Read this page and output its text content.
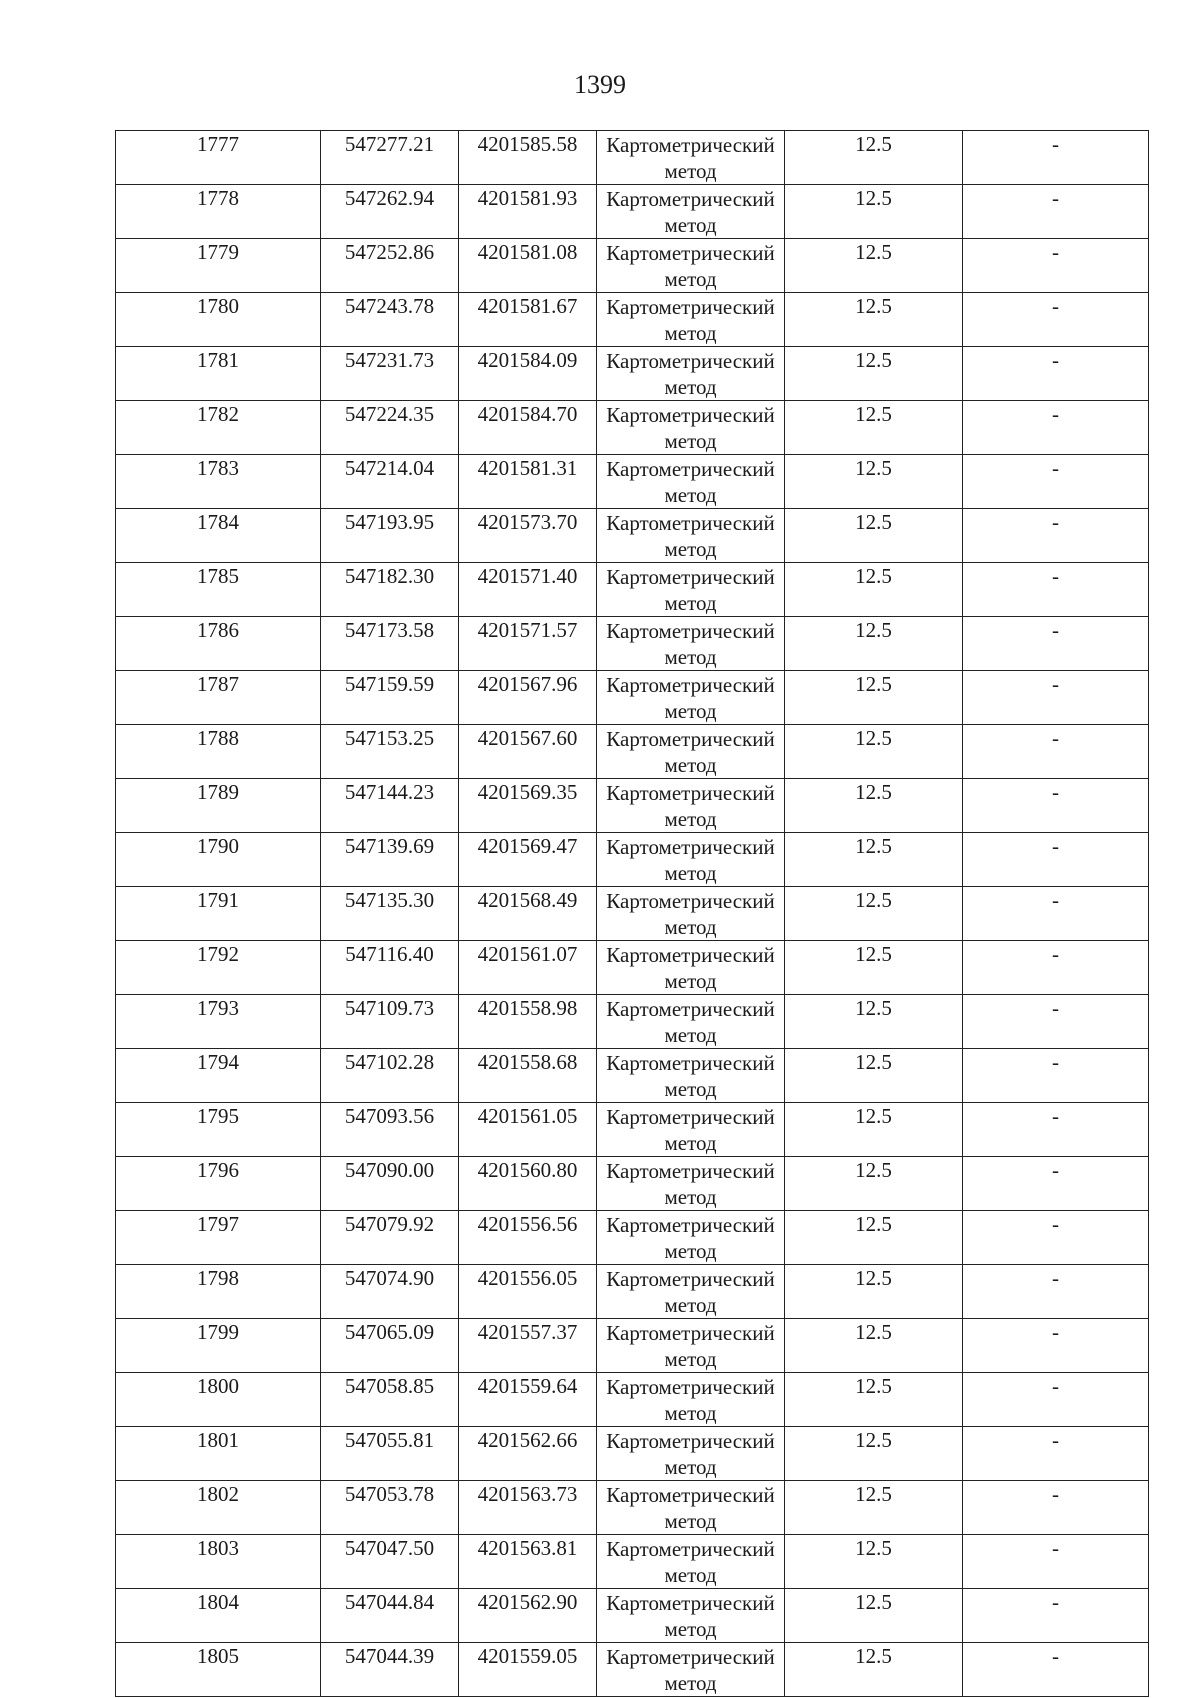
1399
1777	547277.21	4201585.58	Картометрический метод	12.5	-
1778	547262.94	4201581.93	Картометрический метод	12.5	-
1779	547252.86	4201581.08	Картометрический метод	12.5	-
1780	547243.78	4201581.67	Картометрический метод	12.5	-
1781	547231.73	4201584.09	Картометрический метод	12.5	-
1782	547224.35	4201584.70	Картометрический метод	12.5	-
1783	547214.04	4201581.31	Картометрический метод	12.5	-
1784	547193.95	4201573.70	Картометрический метод	12.5	-
1785	547182.30	4201571.40	Картометрический метод	12.5	-
1786	547173.58	4201571.57	Картометрический метод	12.5	-
1787	547159.59	4201567.96	Картометрический метод	12.5	-
1788	547153.25	4201567.60	Картометрический метод	12.5	-
1789	547144.23	4201569.35	Картометрический метод	12.5	-
1790	547139.69	4201569.47	Картометрический метод	12.5	-
1791	547135.30	4201568.49	Картометрический метод	12.5	-
1792	547116.40	4201561.07	Картометрический метод	12.5	-
1793	547109.73	4201558.98	Картометрический метод	12.5	-
1794	547102.28	4201558.68	Картометрический метод	12.5	-
1795	547093.56	4201561.05	Картометрический метод	12.5	-
1796	547090.00	4201560.80	Картометрический метод	12.5	-
1797	547079.92	4201556.56	Картометрический метод	12.5	-
1798	547074.90	4201556.05	Картометрический метод	12.5	-
1799	547065.09	4201557.37	Картометрический метод	12.5	-
1800	547058.85	4201559.64	Картометрический метод	12.5	-
1801	547055.81	4201562.66	Картометрический метод	12.5	-
1802	547053.78	4201563.73	Картометрический метод	12.5	-
1803	547047.50	4201563.81	Картометрический метод	12.5	-
1804	547044.84	4201562.90	Картометрический метод	12.5	-
1805	547044.39	4201559.05	Картометрический метод	12.5	-
